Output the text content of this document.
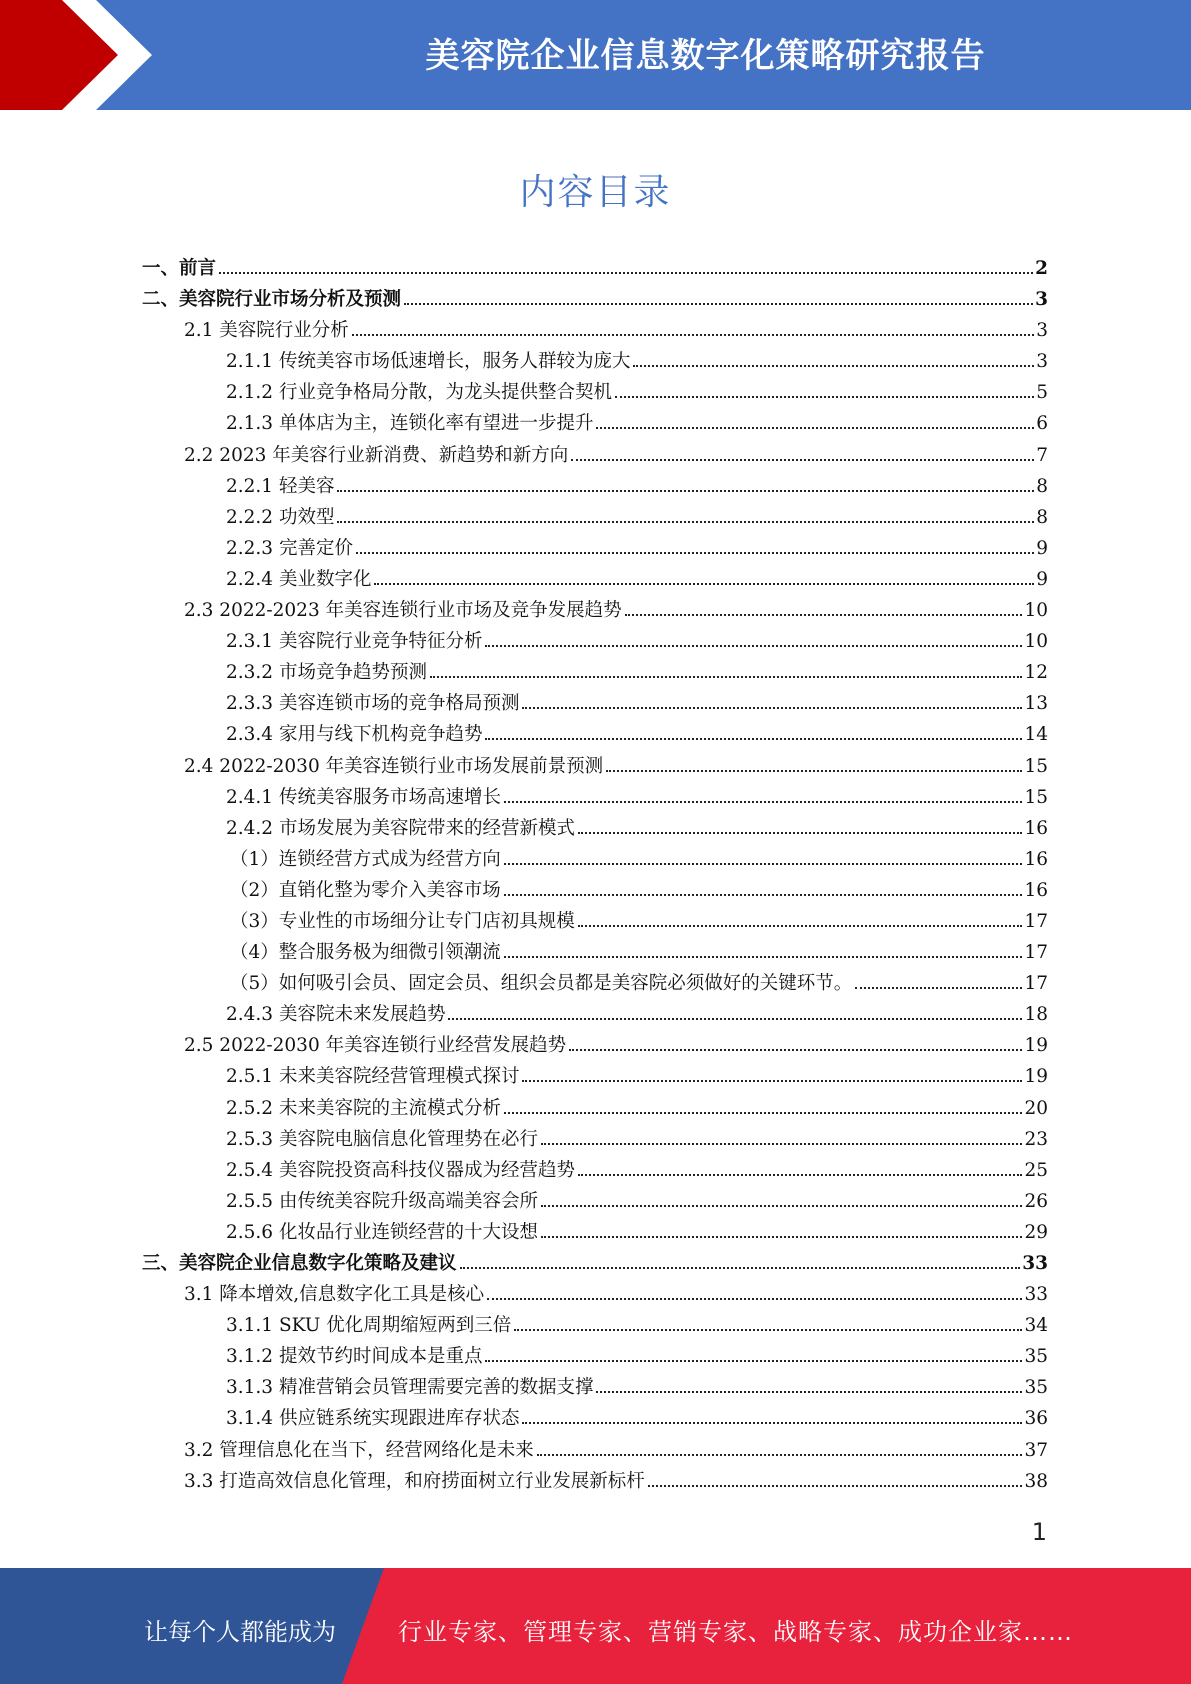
美容院企业信息数字化策略研究报告
内容目录
一、前言	2
二、美容院行业市场分析及预测	3
2.1 美容院行业分析	3
2.1.1 传统美容市场低速增长，服务人群较为庞大	3
2.1.2 行业竞争格局分散，为龙头提供整合契机	5
2.1.3 单体店为主，连锁化率有望进一步提升	6
2.2 2023 年美容行业新消费、新趋势和新方向	7
2.2.1 轻美容	8
2.2.2 功效型	8
2.2.3 完善定价	9
2.2.4 美业数字化	9
2.3 2022-2023 年美容连锁行业市场及竞争发展趋势	10
2.3.1 美容院行业竞争特征分析	10
2.3.2 市场竞争趋势预测	12
2.3.3 美容连锁市场的竞争格局预测	13
2.3.4 家用与线下机构竞争趋势	14
2.4 2022-2030 年美容连锁行业市场发展前景预测	15
2.4.1 传统美容服务市场高速增长	15
2.4.2 市场发展为美容院带来的经营新模式	16
（1）连锁经营方式成为经营方向	16
（2）直销化整为零介入美容市场	16
（3）专业性的市场细分让专门店初具规模	17
（4）整合服务极为细微引领潮流	17
（5）如何吸引会员、固定会员、组织会员都是美容院必须做好的关键环节。	17
2.4.3 美容院未来发展趋势	18
2.5 2022-2030 年美容连锁行业经营发展趋势	19
2.5.1 未来美容院经营管理模式探讨	19
2.5.2 未来美容院的主流模式分析	20
2.5.3 美容院电脑信息化管理势在必行	23
2.5.4 美容院投资高科技仪器成为经营趋势	25
2.5.5 由传统美容院升级高端美容会所	26
2.5.6 化妆品行业连锁经营的十大设想	29
三、美容院企业信息数字化策略及建议	33
3.1 降本增效,信息数字化工具是核心	33
3.1.1 SKU 优化周期缩短两到三倍	34
3.1.2 提效节约时间成本是重点	35
3.1.3 精准营销会员管理需要完善的数据支撑	35
3.1.4 供应链系统实现跟进库存状态	36
3.2 管理信息化在当下，经营网络化是未来	37
3.3 打造高效信息化管理，和府捞面树立行业发展新标杆	38
1
让每个人都能成为	行业专家、管理专家、营销专家、战略专家、成功企业家……
